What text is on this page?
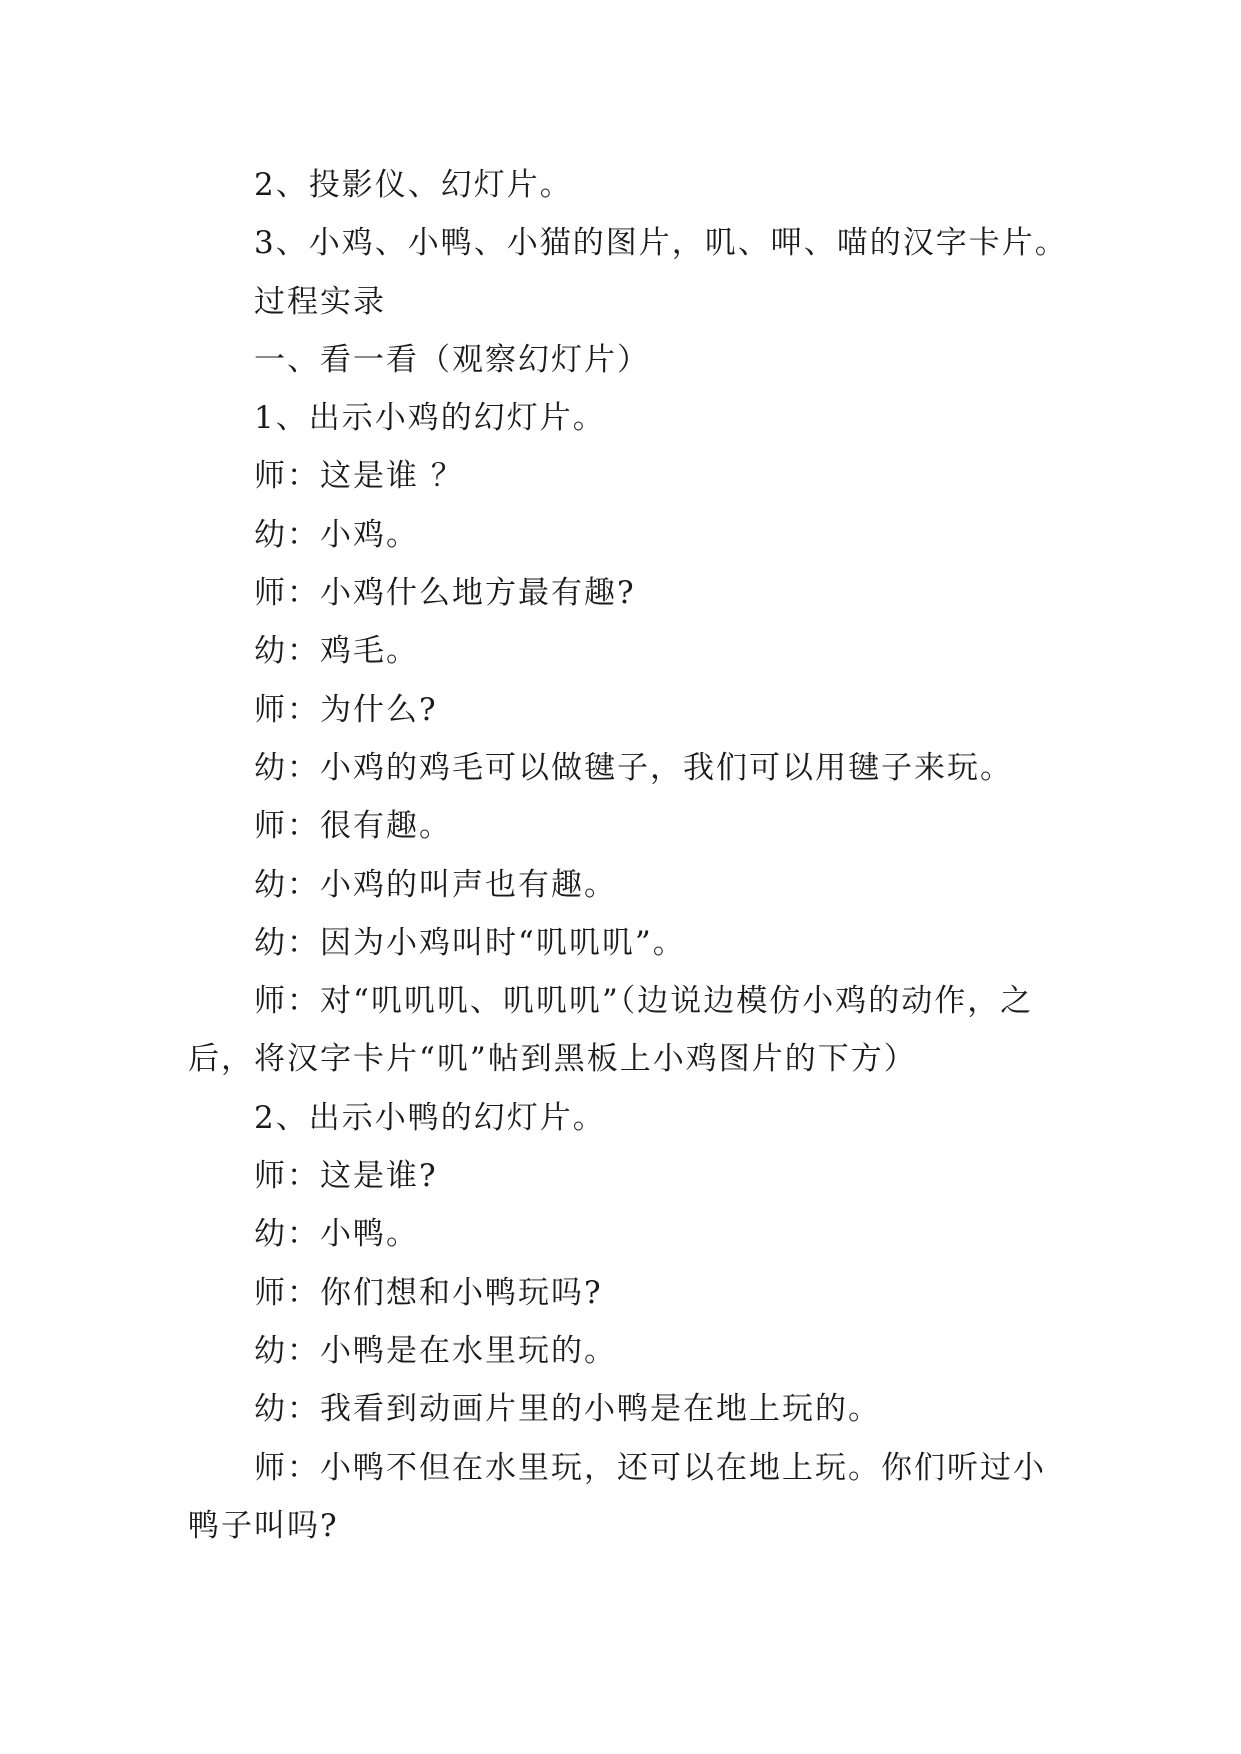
2、投影仪、幻灯片。

3、小鸡、小鸭、小猫的图片，叽、呷、喵的汉字卡片。

过程实录

一、看一看（观察幻灯片）

1、出示小鸡的幻灯片。

师：这是谁 ？

幼：小鸡。

师：小鸡什么地方最有趣?

幼：鸡毛。

师：为什么?

幼：小鸡的鸡毛可以做毽子，我们可以用毽子来玩。

师：很有趣。

幼：小鸡的叫声也有趣。

幼：因为小鸡叫时“叽叽叽”。

师：对“叽叽叽、叽叽叽”（边说边模仿小鸡的动作，之后，将汉字卡片“叽”帖到黑板上小鸡图片的下方）

2、出示小鸭的幻灯片。

师：这是谁?

幼：小鸭。

师：你们想和小鸭玩吗?

幼：小鸭是在水里玩的。

幼：我看到动画片里的小鸭是在地上玩的。

师：小鸭不但在水里玩，还可以在地上玩。你们听过小鸭子叫吗?
